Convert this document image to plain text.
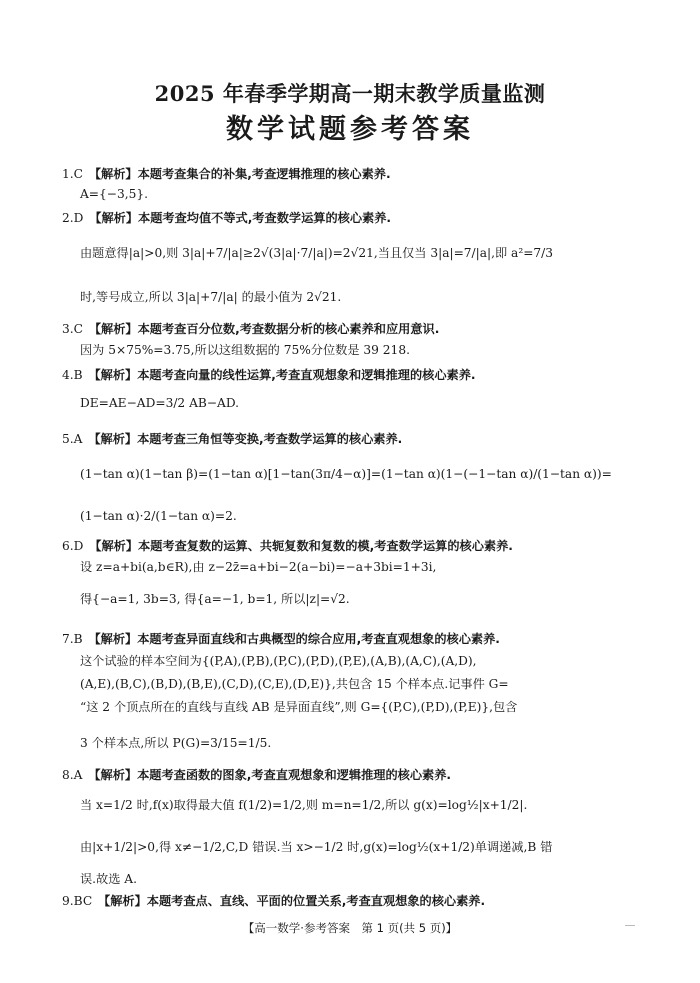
2025 年春季学期高一期末教学质量监测
数学试题参考答案
1.C 【解析】本题考查集合的补集,考查逻辑推理的核心素养.
A={−3,5}.
2.D 【解析】本题考查均值不等式,考查数学运算的核心素养.
由题意得|a|>0,则 3|a|+7/|a|≥2√(3|a|·7/|a|)=2√21,当且仅当 3|a|=7/|a|,即 a²=7/3
时,等号成立,所以 3|a|+7/|a| 的最小值为 2√21.
3.C 【解析】本题考查百分位数,考查数据分析的核心素养和应用意识.
因为 5×75%=3.75,所以这组数据的 75%分位数是 39 218.
4.B 【解析】本题考查向量的线性运算,考查直观想象和逻辑推理的核心素养.
DE=AE−AD=3/2 AB−AD.
5.A 【解析】本题考查三角恒等变换,考查数学运算的核心素养.
(1−tan α)(1−tan β)=(1−tan α)[1−tan(3π/4−α)]=(1−tan α)(1−(−1−tan α)/(1−tan α))=
(1−tan α)·2/(1−tan α)=2.
6.D 【解析】本题考查复数的运算、共轭复数和复数的模,考查数学运算的核心素养.
设 z=a+bi(a,b∈R),由 z−2z̄=a+bi−2(a−bi)=−a+3bi=1+3i,
得{−a=1, 3b=3, 得{a=−1, b=1, 所以|z|=√2.
7.B 【解析】本题考查异面直线和古典概型的综合应用,考查直观想象的核心素养.
这个试验的样本空间为{(P,A),(P,B),(P,C),(P,D),(P,E),(A,B),(A,C),(A,D),
(A,E),(B,C),(B,D),(B,E),(C,D),(C,E),(D,E)},共包含 15 个样本点.记事件 G=
“这 2 个顶点所在的直线与直线 AB 是异面直线”,则 G={(P,C),(P,D),(P,E)},包含
3 个样本点,所以 P(G)=3/15=1/5.
8.A 【解析】本题考查函数的图象,考查直观想象和逻辑推理的核心素养.
当 x=1/2 时,f(x)取得最大值 f(1/2)=1/2,则 m=n=1/2,所以 g(x)=log½|x+1/2|.
由|x+1/2|>0,得 x≠−1/2,C,D 错误.当 x>−1/2 时,g(x)=log½(x+1/2)单调递减,B 错
误.故选 A.
9.BC 【解析】本题考查点、直线、平面的位置关系,考查直观想象的核心素养.
【高一数学·参考答案　第 1 页(共 5 页)】
